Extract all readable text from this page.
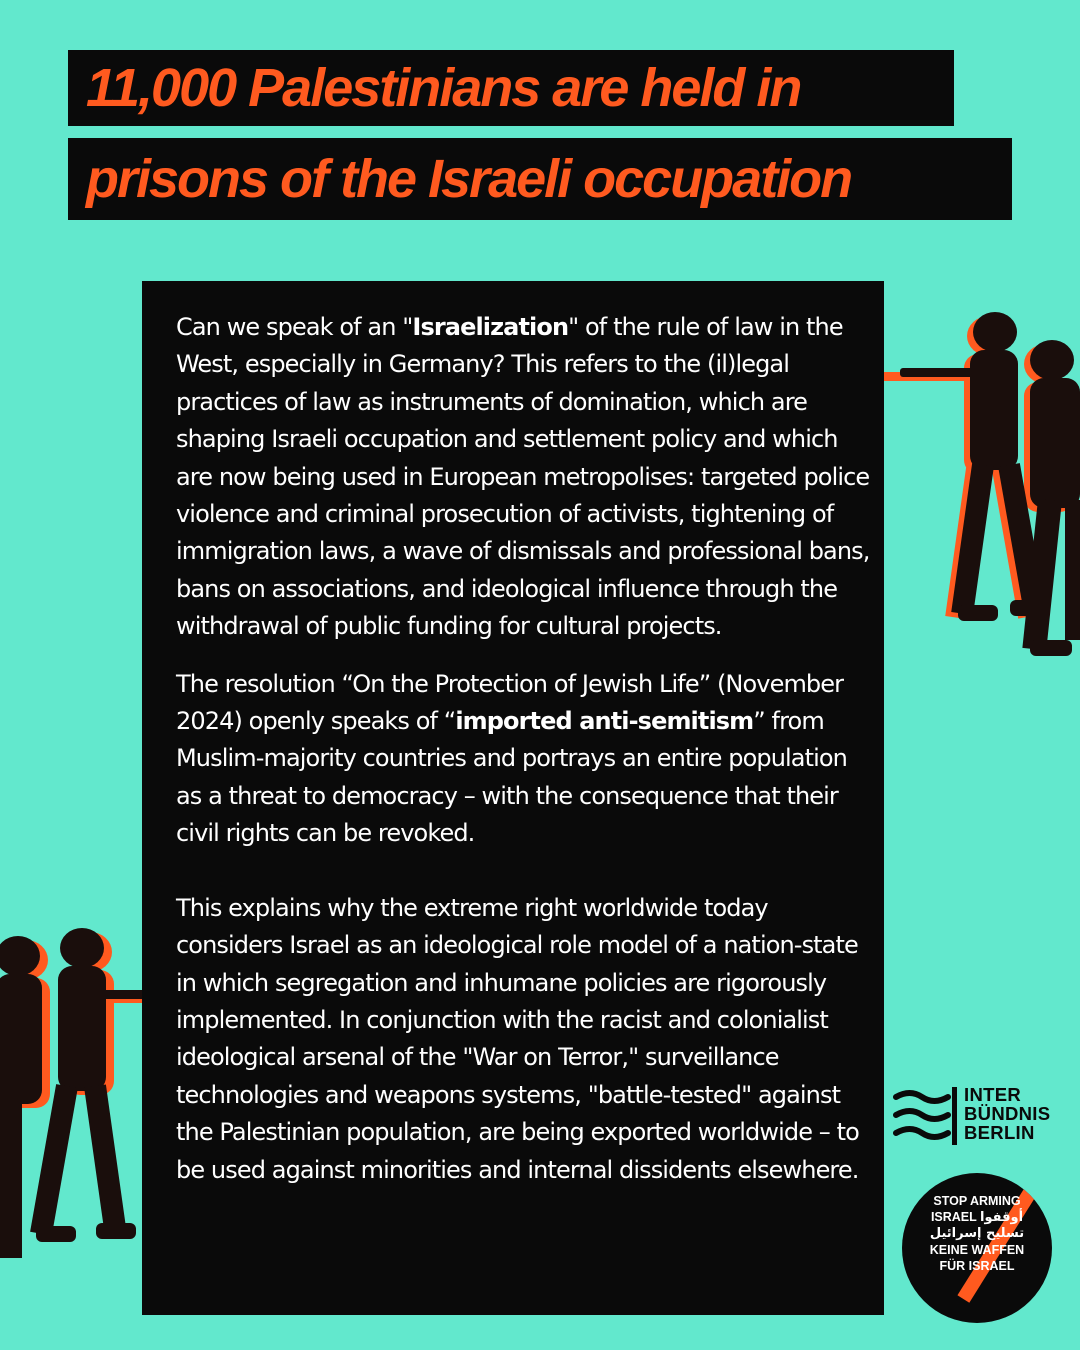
11,000 Palestinians are held in
prisons of the Israeli occupation

Can we speak of an "Israelization" of the rule of law in the West, especially in Germany? This refers to the (il)legal practices of law as instruments of domination, which are shaping Israeli occupation and settlement policy and which are now being used in European metropolises: targeted police violence and criminal prosecution of activists, tightening of immigration laws, a wave of dismissals and professional bans, bans on associations, and ideological influence through the withdrawal of public funding for cultural projects.

The resolution “On the Protection of Jewish Life” (November 2024) openly speaks of “imported anti-semitism” from Muslim-majority countries and portrays an entire population as a threat to democracy – with the consequence that their civil rights can be revoked.

This explains why the extreme right worldwide today considers Israel as an ideological role model of a nation-state in which segregation and inhumane policies are rigorously implemented. In conjunction with the racist and colonialist ideological arsenal of the "War on Terror," surveillance technologies and weapons systems, "battle-tested" against the Palestinian population, are being exported worldwide – to be used against minorities and internal dissidents elsewhere.

INTER
BÜNDNIS
BERLIN
STOP ARMING
ISRAEL أوقفوا
تسليح إسرائيل
KEINE WAFFEN
FÜR ISRAEL
